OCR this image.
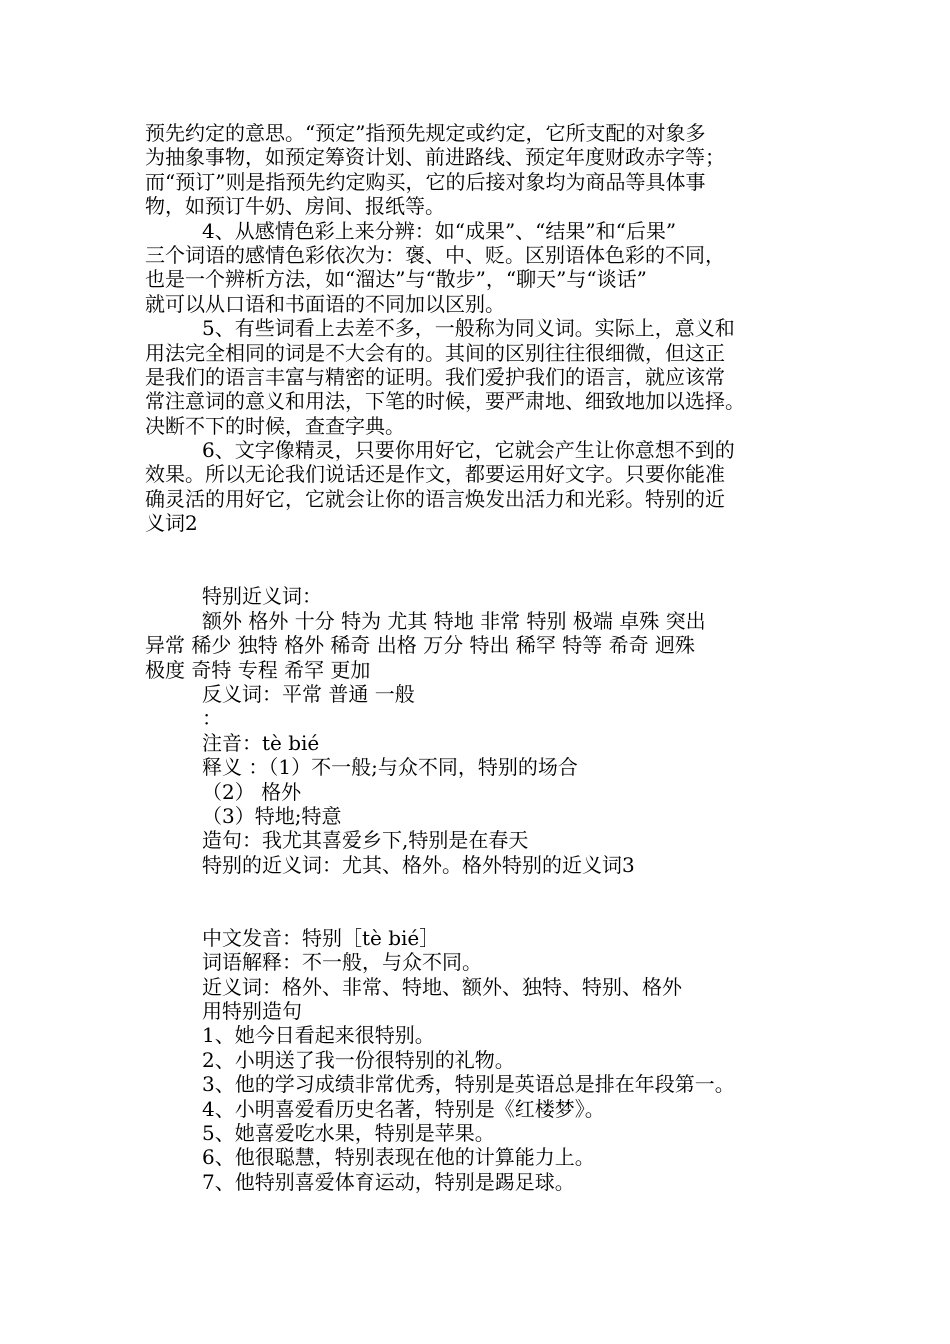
预先约定的意思。“预定”指预先规定或约定，它所支配的对象多
为抽象事物，如预定筹资计划、前进路线、预定年度财政赤字等；
而“预订”则是指预先约定购买，它的后接对象均为商品等具体事
物，如预订牛奶、房间、报纸等。
4、从感情色彩上来分辨：如“成果”、“结果”和“后果”
三个词语的感情色彩依次为：褒、中、贬。区别语体色彩的不同，
也是一个辨析方法，如“溜达”与“散步”，“聊天”与“谈话”
就可以从口语和书面语的不同加以区别。
5、有些词看上去差不多，一般称为同义词。实际上，意义和
用法完全相同的词是不大会有的。其间的区别往往很细微，但这正
是我们的语言丰富与精密的证明。我们爱护我们的语言，就应该常
常注意词的意义和用法，下笔的时候，要严肃地、细致地加以选择。
决断不下的时候，查查字典。
6、文字像精灵，只要你用好它，它就会产生让你意想不到的
效果。所以无论我们说话还是作文，都要运用好文字。只要你能准
确灵活的用好它，它就会让你的语言焕发出活力和光彩。特别的近
义词2
特别近义词：
额外 格外 十分 特为 尤其 特地 非常 特别 极端 卓殊 突出
异常 稀少 独特 格外 稀奇 出格 万分 特出 稀罕 特等 希奇 迥殊
极度 奇特 专程 希罕 更加
反义词：平常 普通 一般
：
注音：tè bié
释义 ：（1）不一般;与众不同，特别的场合
（2） 格外
（3）特地;特意
造句：我尤其喜爱乡下,特别是在春天
特别的近义词：尤其、格外。格外特别的近义词3
中文发音：特别［tè bié］
词语解释：不一般，与众不同。
近义词：格外、非常、特地、额外、独特、特别、格外
用特别造句
1、她今日看起来很特别。
2、小明送了我一份很特别的礼物。
3、他的学习成绩非常优秀，特别是英语总是排在年段第一。
4、小明喜爱看历史名著，特别是《红楼梦》。
5、她喜爱吃水果，特别是苹果。
6、他很聪慧，特别表现在他的计算能力上。
7、他特别喜爱体育运动，特别是踢足球。
